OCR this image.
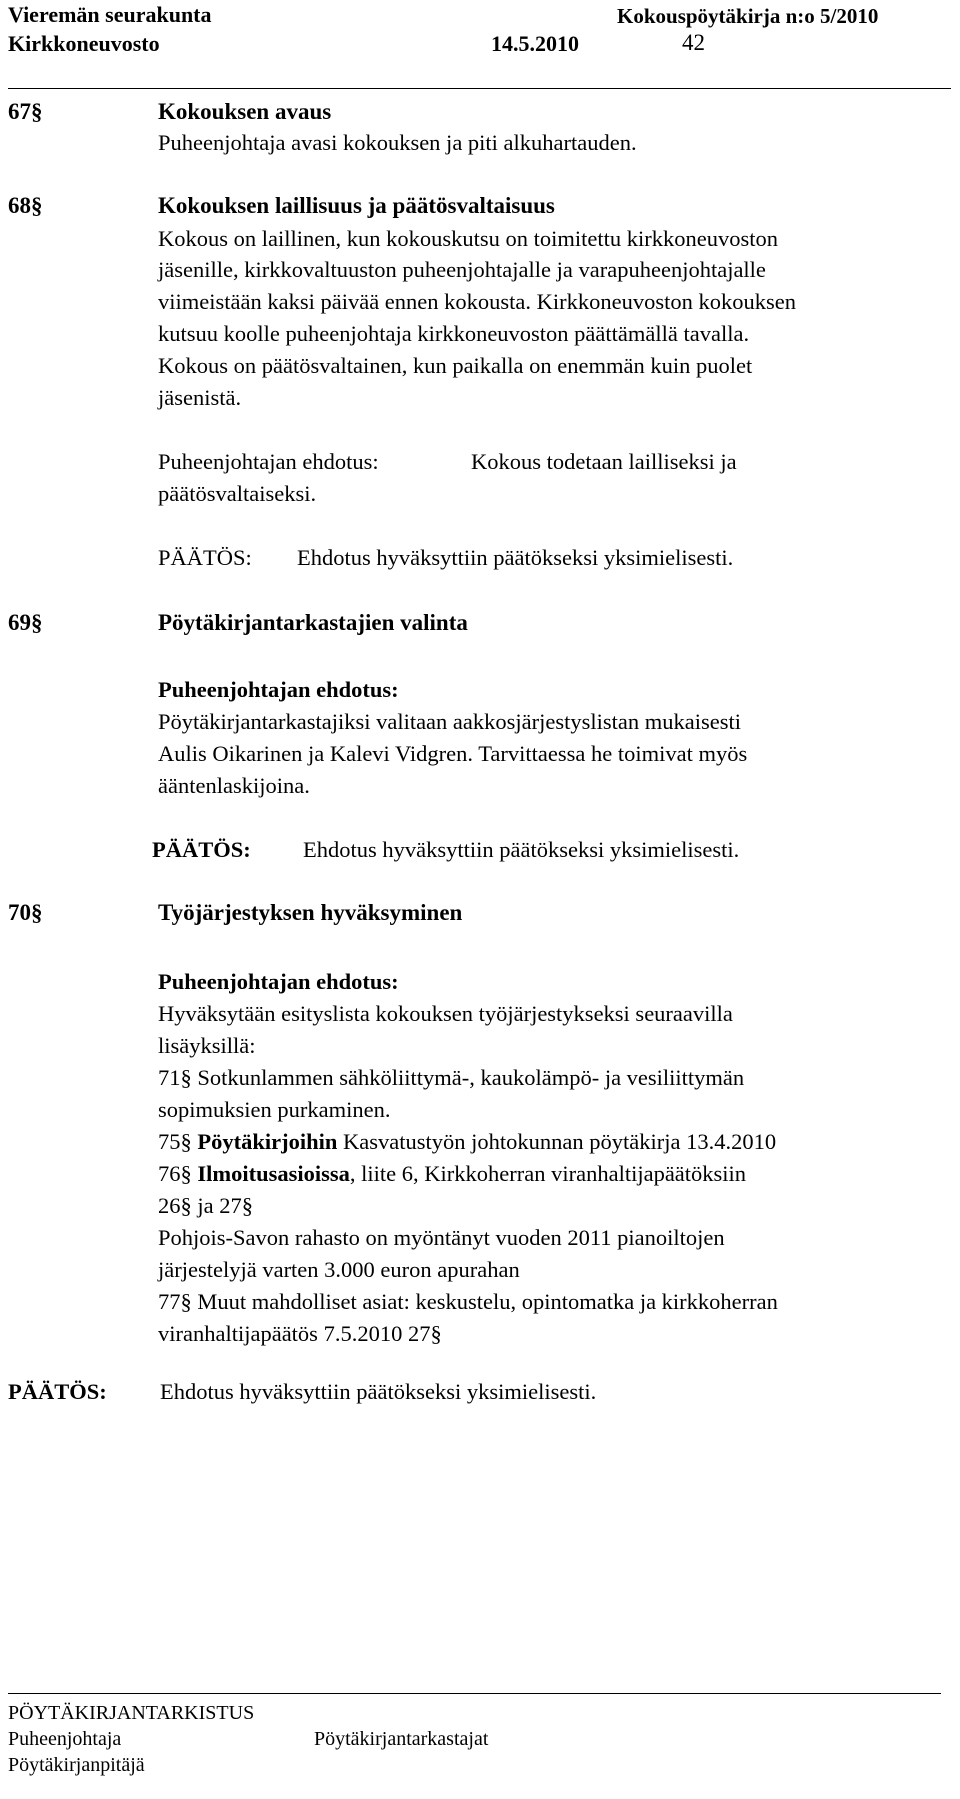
Vieremän seurakunta	Kokouspöytäkirja n:o 5/2010
Kirkkoneuvosto	14.5.2010	42
67§	Kokouksen avaus
Puheenjohtaja avasi kokouksen ja piti alkuhartauden.
68§	Kokouksen laillisuus ja päätösvaltaisuus
Kokous on laillinen, kun kokouskutsu on toimitettu kirkkoneuvoston
jäsenille, kirkkovaltuuston puheenjohtajalle ja varapuheenjohtajalle
viimeistään kaksi päivää ennen kokousta. Kirkkoneuvoston kokouksen
kutsuu koolle puheenjohtaja kirkkoneuvoston päättämällä tavalla.
Kokous on päätösvaltainen, kun paikalla on enemmän kuin puolet
jäsenistä.
Puheenjohtajan ehdotus:	Kokous todetaan lailliseksi ja
päätösvaltaiseksi.
PÄÄTÖS: Ehdotus hyväksyttiin päätökseksi yksimielisesti.
69§	Pöytäkirjantarkastajien valinta
Puheenjohtajan ehdotus:
Pöytäkirjantarkastajiksi valitaan aakkosjärjestyslistan mukaisesti
Aulis Oikarinen ja Kalevi Vidgren. Tarvittaessa he toimivat myös
ääntenlaskijoina.
PÄÄTÖS: Ehdotus hyväksyttiin päätökseksi yksimielisesti.
70§	Työjärjestyksen hyväksyminen
Puheenjohtajan ehdotus:
Hyväksytään esityslista kokouksen työjärjestykseksi seuraavilla
lisäyksillä:
71§ Sotkunlammen sähköliittymä-, kaukolämpö- ja vesiliittymän
sopimuksien purkaminen.
75§ Pöytäkirjoihin Kasvatustyön johtokunnan pöytäkirja 13.4.2010
76§ Ilmoitusasioissa, liite 6, Kirkkoherran viranhaltijapäätöksiin
26§ ja 27§
Pohjois-Savon rahasto on myöntänyt vuoden 2011 pianoiltojen
järjestelyjä varten 3.000 euron apurahan
77§ Muut mahdolliset asiat: keskustelu, opintomatka ja kirkkoherran
viranhaltijapäätös 7.5.2010 27§
PÄÄTÖS: Ehdotus hyväksyttiin päätökseksi yksimielisesti.
PÖYTÄKIRJANTARKISTUS
Puheenjohtaja	Pöytäkirjantarkastajat
Pöytäkirjanpitäjä
